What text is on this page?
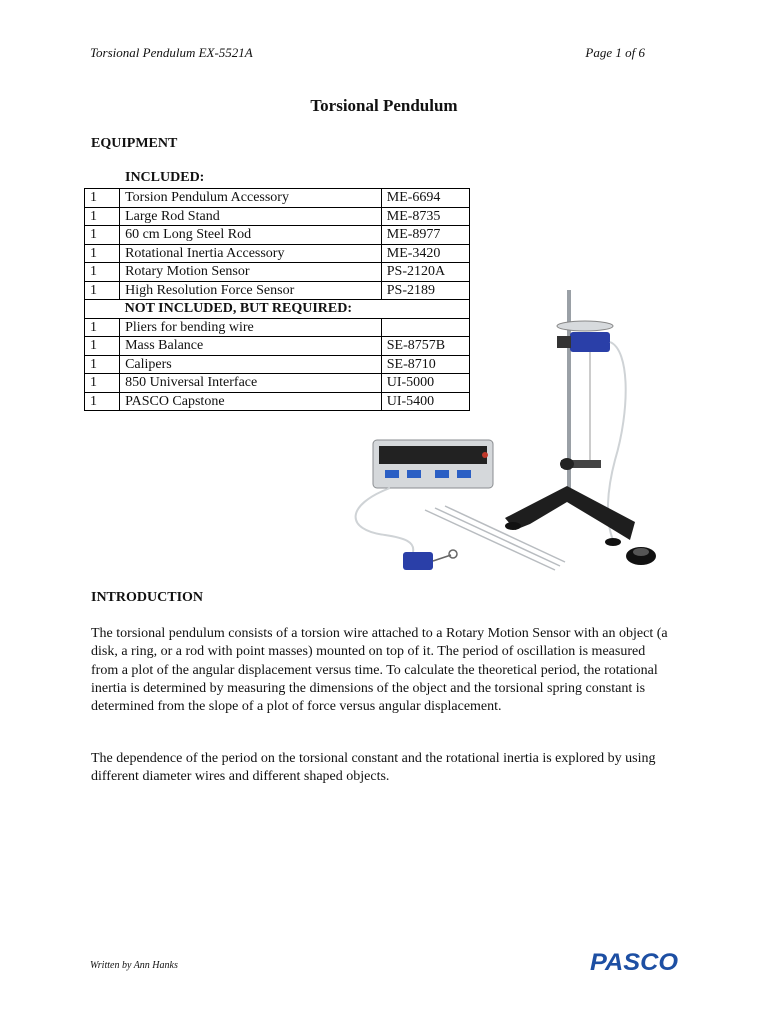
Torsional Pendulum EX-5521A	Page 1 of 6
Torsional Pendulum
EQUIPMENT
INCLUDED:
1	Torsion Pendulum Accessory	ME-6694
1	Large Rod Stand	ME-8735
1	60 cm Long Steel Rod	ME-8977
1	Rotational Inertia Accessory	ME-3420
1	Rotary Motion Sensor	PS-2120A
1	High Resolution Force Sensor	PS-2189
	NOT INCLUDED, BUT REQUIRED:	
1	Pliers for bending wire	
1	Mass Balance	SE-8757B
1	Calipers	SE-8710
1	850 Universal Interface	UI-5000
1	PASCO Capstone	UI-5400
INTRODUCTION

The torsional pendulum consists of a torsion wire attached to a Rotary Motion Sensor with an object (a disk, a ring, or a rod with point masses) mounted on top of it. The period of oscillation is measured from a plot of the angular displacement versus time. To calculate the theoretical period, the rotational inertia is determined by measuring the dimensions of the object and the torsional spring constant is determined from the slope of a plot of force versus angular displacement.

The dependence of the period on the torsional constant and the rotational inertia is explored by using different diameter wires and different shaped objects.

Written by Ann Hanks	PASCO
